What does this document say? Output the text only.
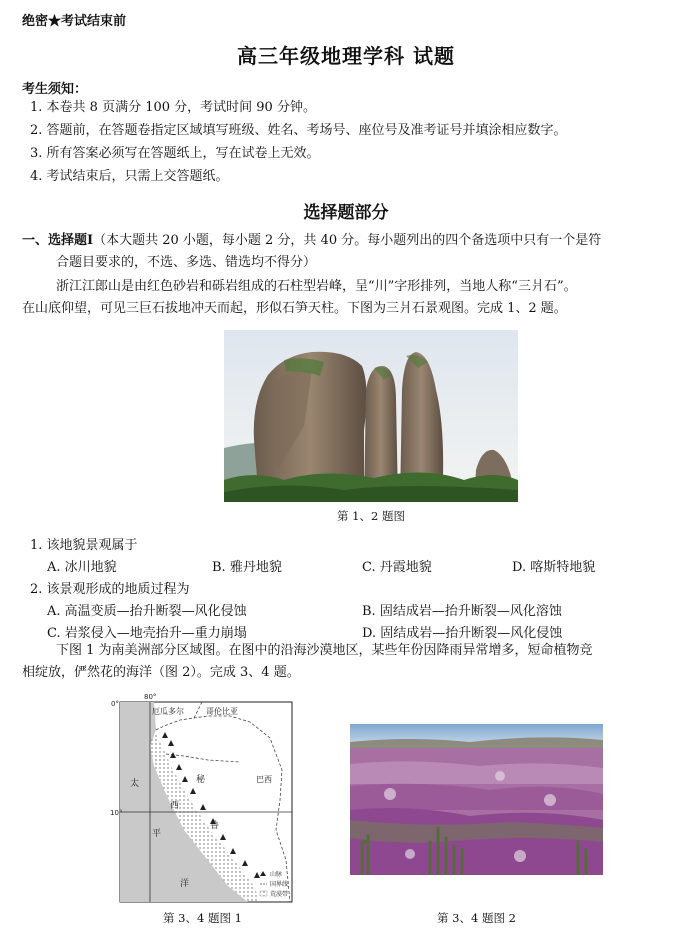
绝密★考试结束前
高三年级地理学科 试题
考生须知：
1. 本卷共 8 页满分 100 分，考试时间 90 分钟。
2. 答题前，在答题卷指定区域填写班级、姓名、考场号、座位号及准考证号并填涂相应数字。
3. 所有答案必须写在答题纸上，写在试卷上无效。
4. 考试结束后，只需上交答题纸。
选择题部分
一、选择题Ⅰ（本大题共 20 小题，每小题 2 分，共 40 分。每小题列出的四个备选项中只有一个是符
合题目要求的，不选、多选、错选均不得分）
浙江江郎山是由红色砂岩和砾岩组成的石柱型岩峰，呈“川”字形排列，当地人称“三爿石”。
在山底仰望，可见三巨石拔地冲天而起，形似石笋天柱。下图为三爿石景观图。完成 1、2 题。
第 1、2 题图
1. 该地貌景观属于
A. 冰川地貌	B. 雅丹地貌	C. 丹霞地貌	D. 喀斯特地貌
2. 该景观形成的地质过程为
A. 高温变质—抬升断裂—风化侵蚀	B. 固结成岩—抬升断裂—风化溶蚀
C. 岩浆侵入—地壳抬升—重力崩塌	D. 固结成岩—抬升断裂—风化侵蚀
下图 1 为南美洲部分区域图。在图中的沿海沙漠地区，某些年份因降雨异常增多，短命植物竞
相绽放，俨然花的海洋（图 2）。完成 3、4 题。
80°
0°
10°
厄瓜多尔	哥伦比亚
巴西
太
平
洋
秘
鲁
西
山脉
国界线
荒漠带
第 3、4 题图 1	第 3、4 题图 2
